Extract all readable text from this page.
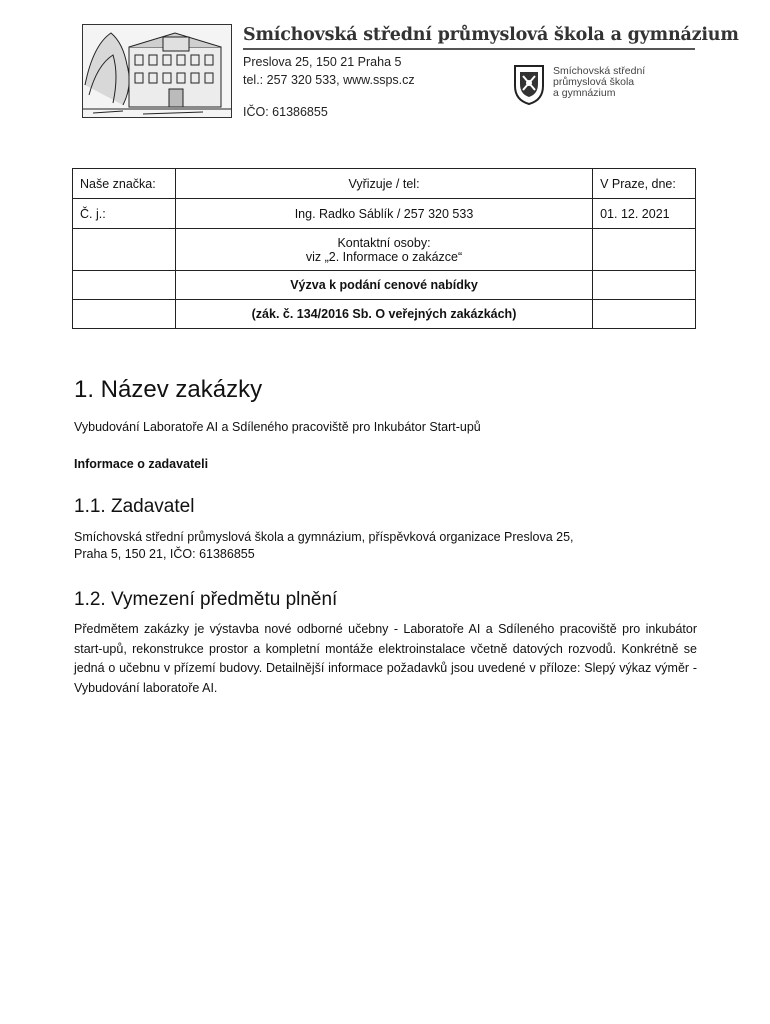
Smíchovská střední průmyslová škola a gymnázium
Preslova 25, 150 21 Praha 5
tel.: 257 320 533, www.ssps.cz
IČO: 61386855
Smíchovská střední
průmyslová škola
a gymnázium
Naše značka:	Vyřizuje / tel:	V Praze, dne:
Č. j.:	Ing. Radko Sáblík / 257 320 533	01. 12. 2021

	Kontaktní osoby:
viz „2. Informace o zakázce“	

	Výzva k podání cenové nabídky	
	(zák. č. 134/2016 Sb. O veřejných zakázkách)	
1. Název zakázky
Vybudování Laboratoře AI a Sdíleného pracoviště pro Inkubátor Start-upů
Informace o zadavateli
1.1. Zadavatel
Smíchovská střední průmyslová škola a gymnázium, příspěvková organizace Preslova 25,
Praha 5, 150 21, IČO: 61386855
1.2. Vymezení předmětu plnění
Předmětem zakázky je výstavba nové odborné učebny - Laboratoře AI a Sdíleného pracoviště pro inkubátor start-upů, rekonstrukce prostor a kompletní montáže elektroinstalace včetně datových rozvodů. Konkrétně se jedná o učebnu v přízemí budovy. Detailnější informace požadavků jsou uvedené v příloze: Slepý výkaz výměr - Vybudování laboratoře AI.
